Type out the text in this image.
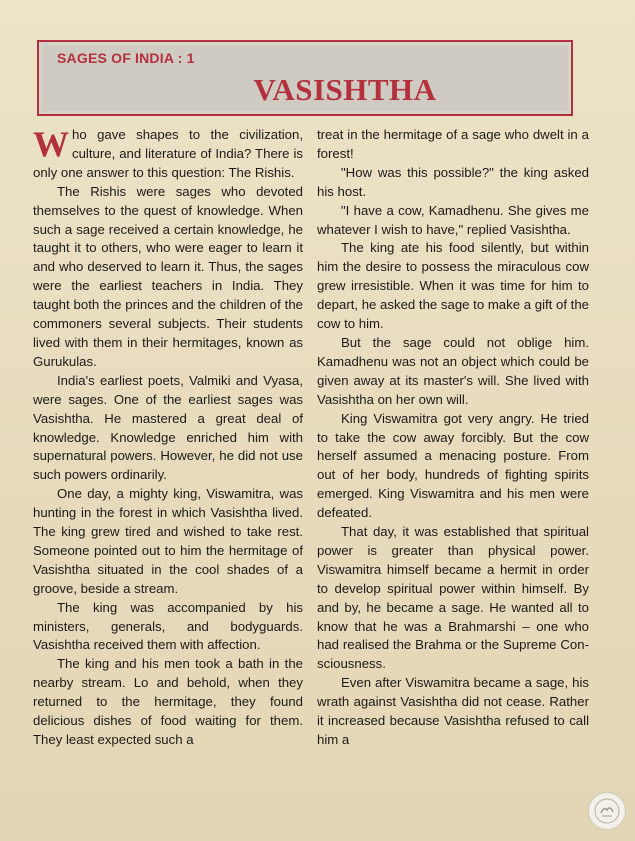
SAGES OF INDIA : 1
VASISHTHA

Who gave shapes to the civilization, culture, and literature of India? There is only one answer to this question: The Rishis.

The Rishis were sages who devoted themselves to the quest of knowledge. When such a sage received a certain knowledge, he taught it to others, who were eager to learn it and who deserved to learn it. Thus, the sages were the earliest teachers in India. They taught both the princes and the children of the commoners several subjects. Their students lived with them in their hermitages, known as Gurukulas.

India's earliest poets, Valmiki and Vyasa, were sages. One of the earliest sages was Vasishtha. He mastered a great deal of knowledge. Knowledge enriched him with supernatural powers. However, he did not use such powers ordinarily.

One day, a mighty king, Viswamitra, was hunting in the forest in which Vasishtha lived. The king grew tired and wished to take rest. Someone pointed out to him the hermitage of Vasishtha situated in the cool shades of a groove, beside a stream.

The king was accompanied by his ministers, generals, and bodyguards. Vasishtha received them with affection.

The king and his men took a bath in the nearby stream. Lo and behold, when they returned to the hermitage, they found delicious dishes of food waiting for them. They least expected such a

treat in the hermitage of a sage who dwelt in a forest!

"How was this possible?" the king asked his host.

"I have a cow, Kamadhenu. She gives me whatever I wish to have," replied Vasishtha.

The king ate his food silently, but within him the desire to possess the miraculous cow grew irresistible. When it was time for him to depart, he asked the sage to make a gift of the cow to him.

But the sage could not oblige him. Kamadhenu was not an object which could be given away at its master's will. She lived with Vasishtha on her own will.

King Viswamitra got very angry. He tried to take the cow away forcibly. But the cow herself assumed a menacing posture. From out of her body, hundreds of fighting spirits emerged. King Viswamitra and his men were defeated.

That day, it was established that spiritual power is greater than physical power. Viswamitra himself became a hermit in order to develop spiritual power within himself. By and by, he became a sage. He wanted all to know that he was a Brahmarshi – one who had realised the Brahma or the Supreme Consciousness.

Even after Viswamitra became a sage, his wrath against Vasishtha did not cease. Rather it increased because Vasishtha refused to call him a
